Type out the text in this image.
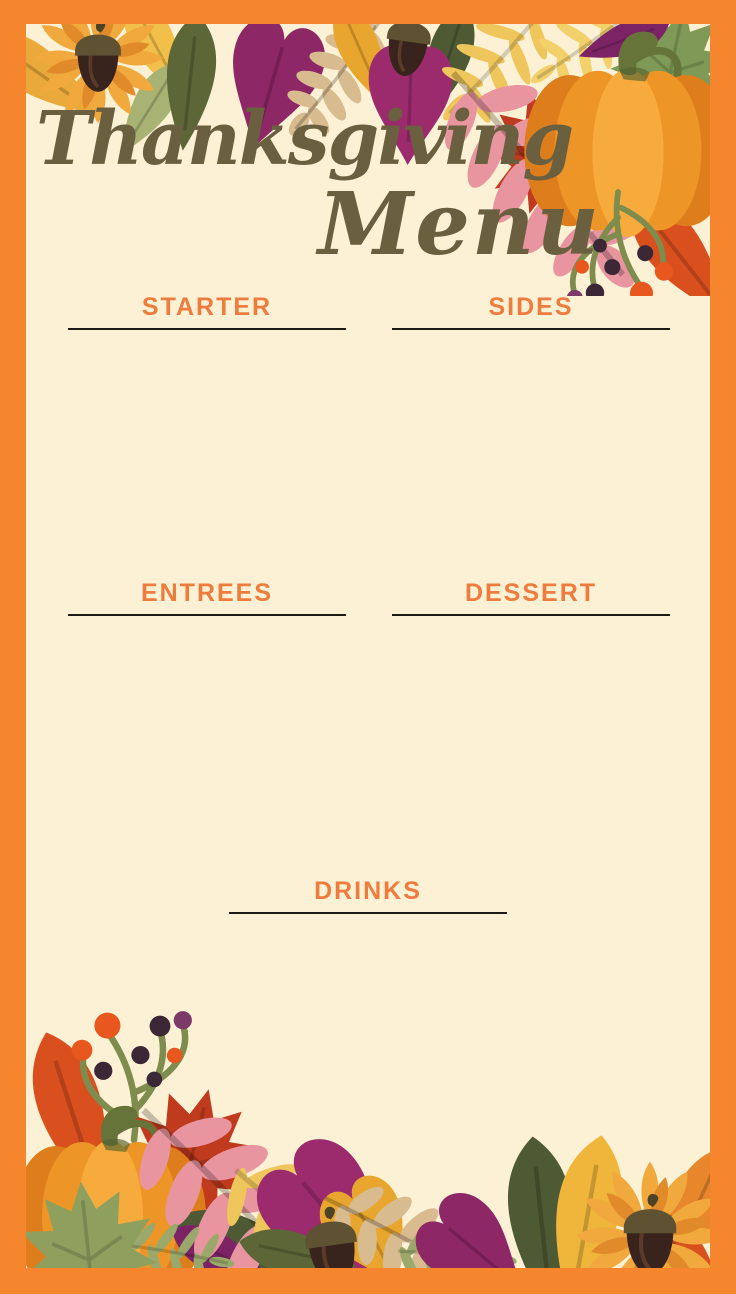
Thanksgiving
Menu
STARTER	SIDES
ENTREES	DESSERT
DRINKS
